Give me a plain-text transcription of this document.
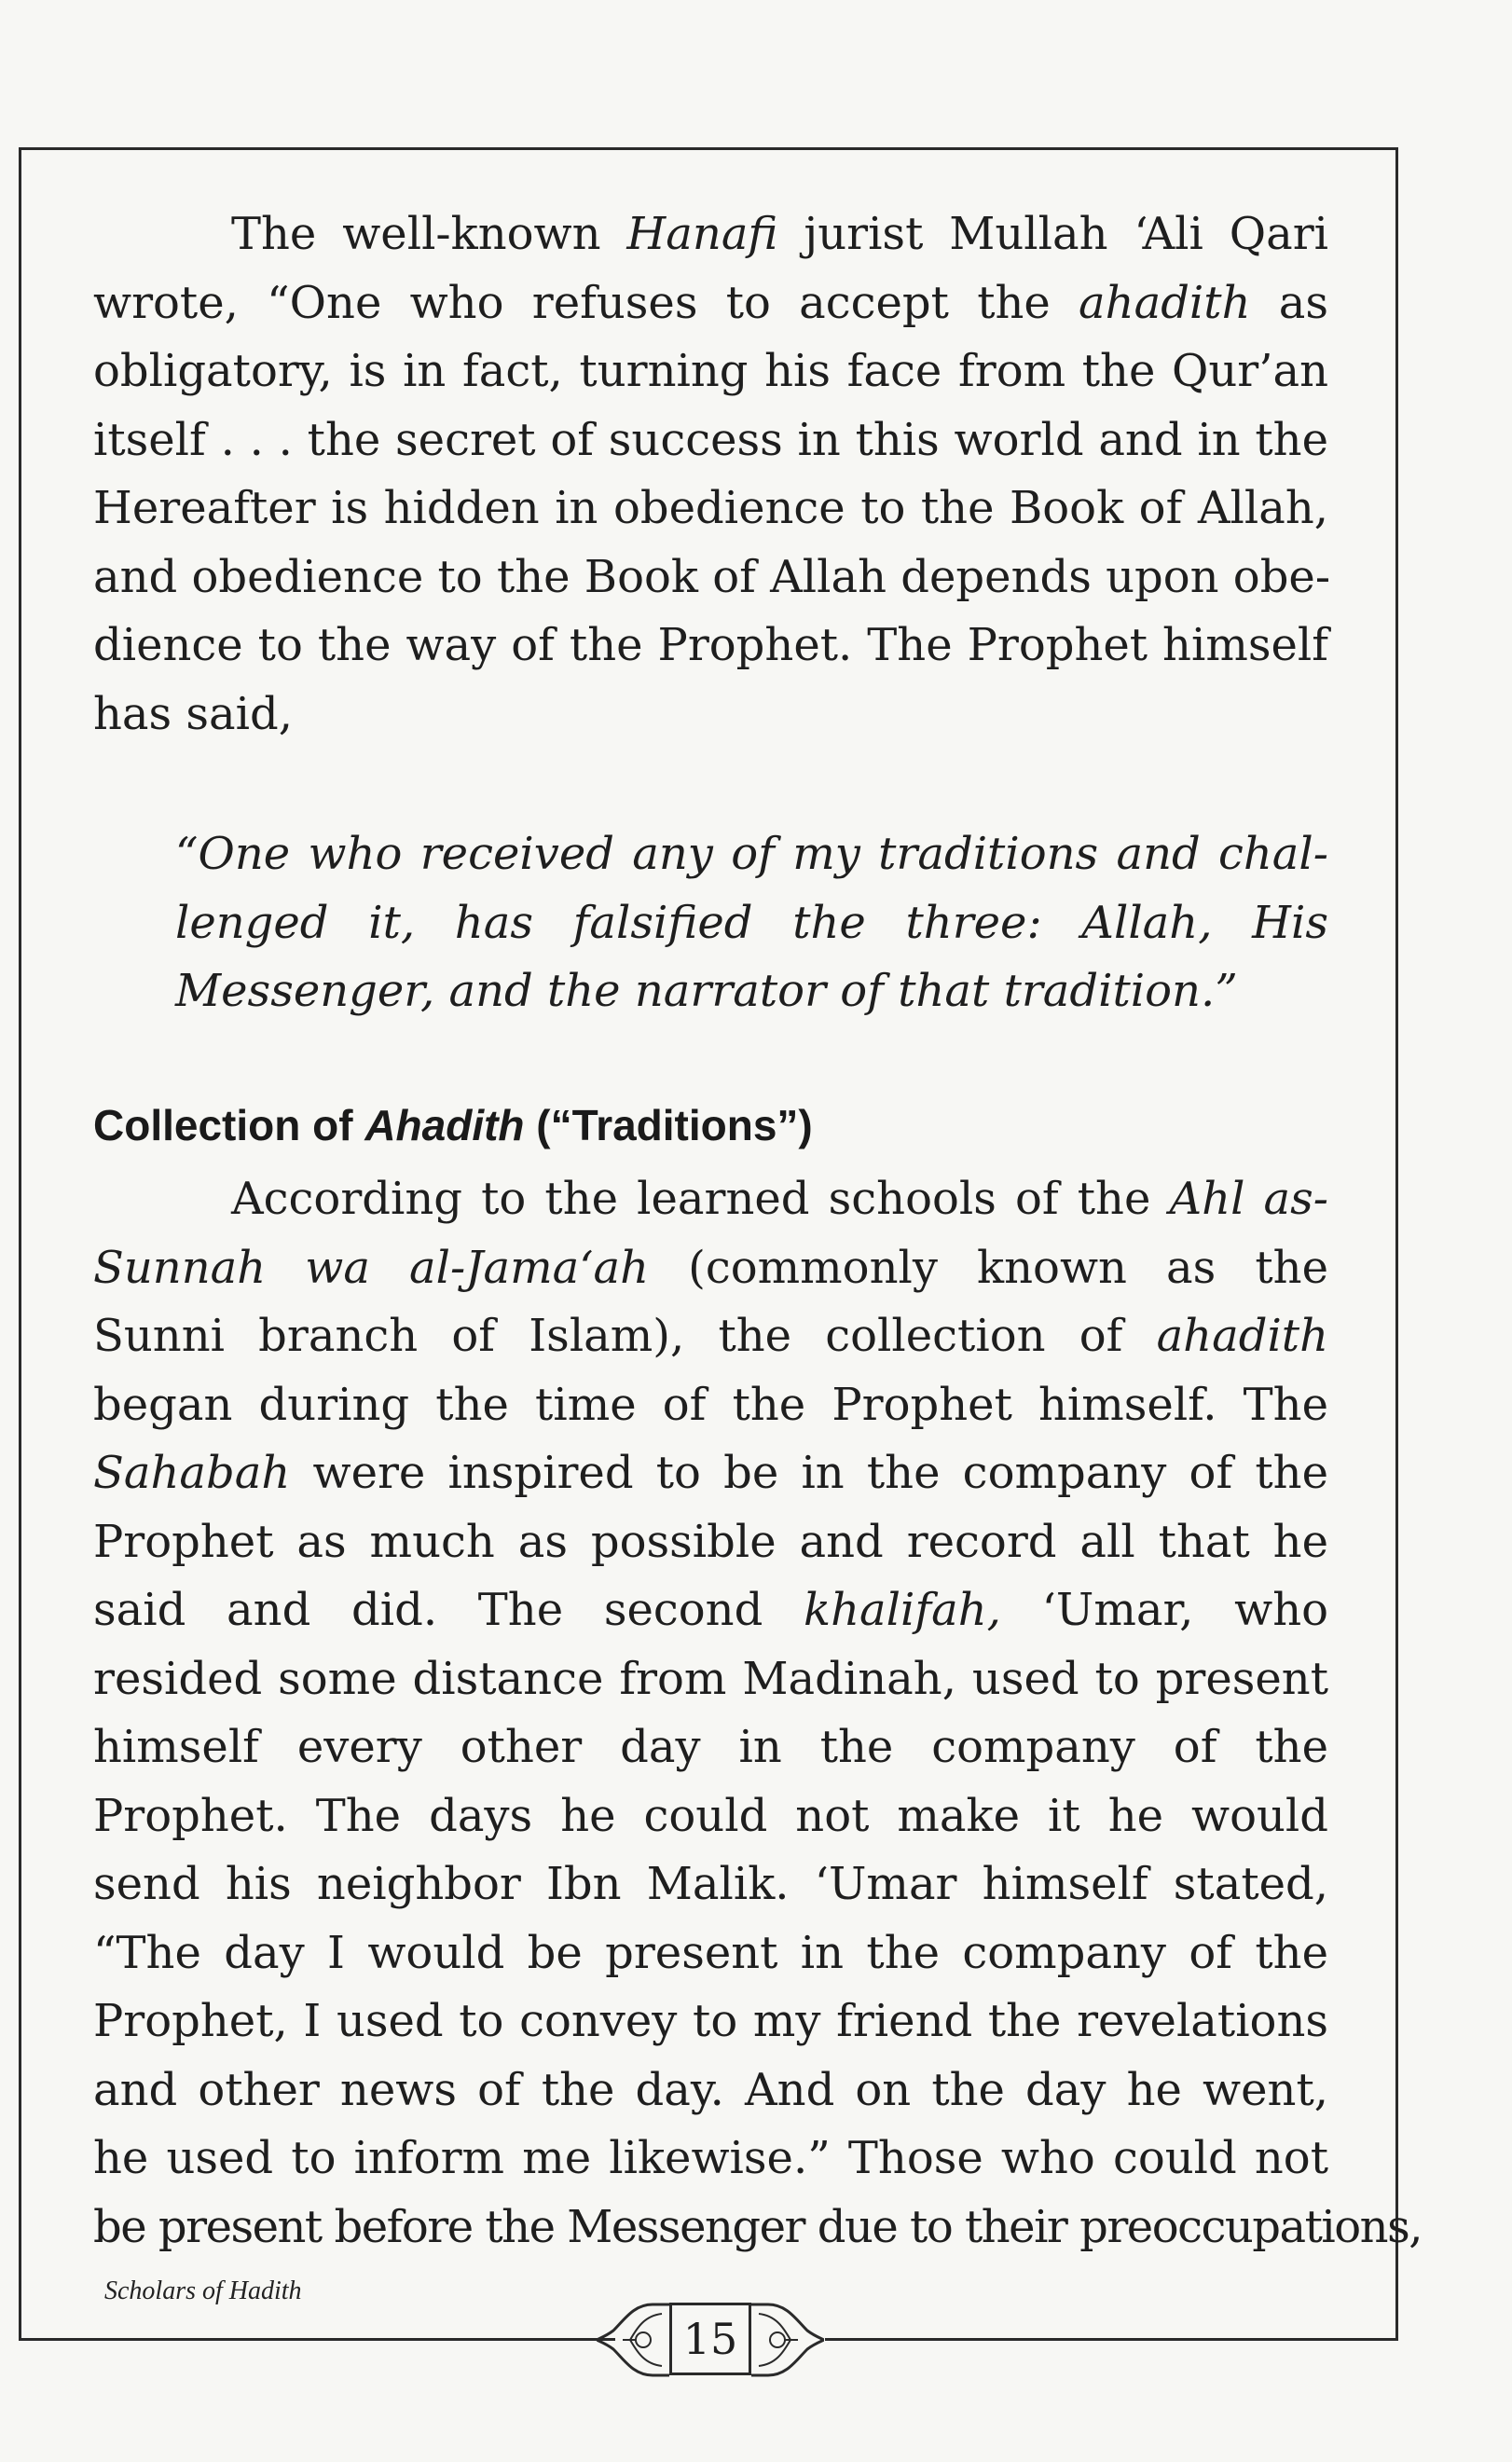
The well-known Hanafi jurist Mullah ‘Ali Qari
wrote, “One who refuses to accept the ahadith as
obligatory, is in fact, turning his face from the Qur’an
itself . . . the secret of success in this world and in the
Hereafter is hidden in obedience to the Book of Allah,
and obedience to the Book of Allah depends upon obe-
dience to the way of the Prophet. The Prophet himself
has said,
“One who received any of my traditions and chal-
lenged it, has falsified the three: Allah, His
Messenger, and the narrator of that tradition.”
Collection of Ahadith (“Traditions”)
According to the learned schools of the Ahl as-
Sunnah wa al-Jama‘ah (commonly known as the
Sunni branch of Islam), the collection of ahadith
began during the time of the Prophet himself. The
Sahabah were inspired to be in the company of the
Prophet as much as possible and record all that he
said and did. The second khalifah, ‘Umar, who
resided some distance from Madinah, used to present
himself every other day in the company of the
Prophet. The days he could not make it he would
send his neighbor Ibn Malik. ‘Umar himself stated,
“The day I would be present in the company of the
Prophet, I used to convey to my friend the revelations
and other news of the day. And on the day he went,
he used to inform me likewise.” Those who could not
be present before the Messenger due to their preoccupations,
Scholars of Hadith
15
